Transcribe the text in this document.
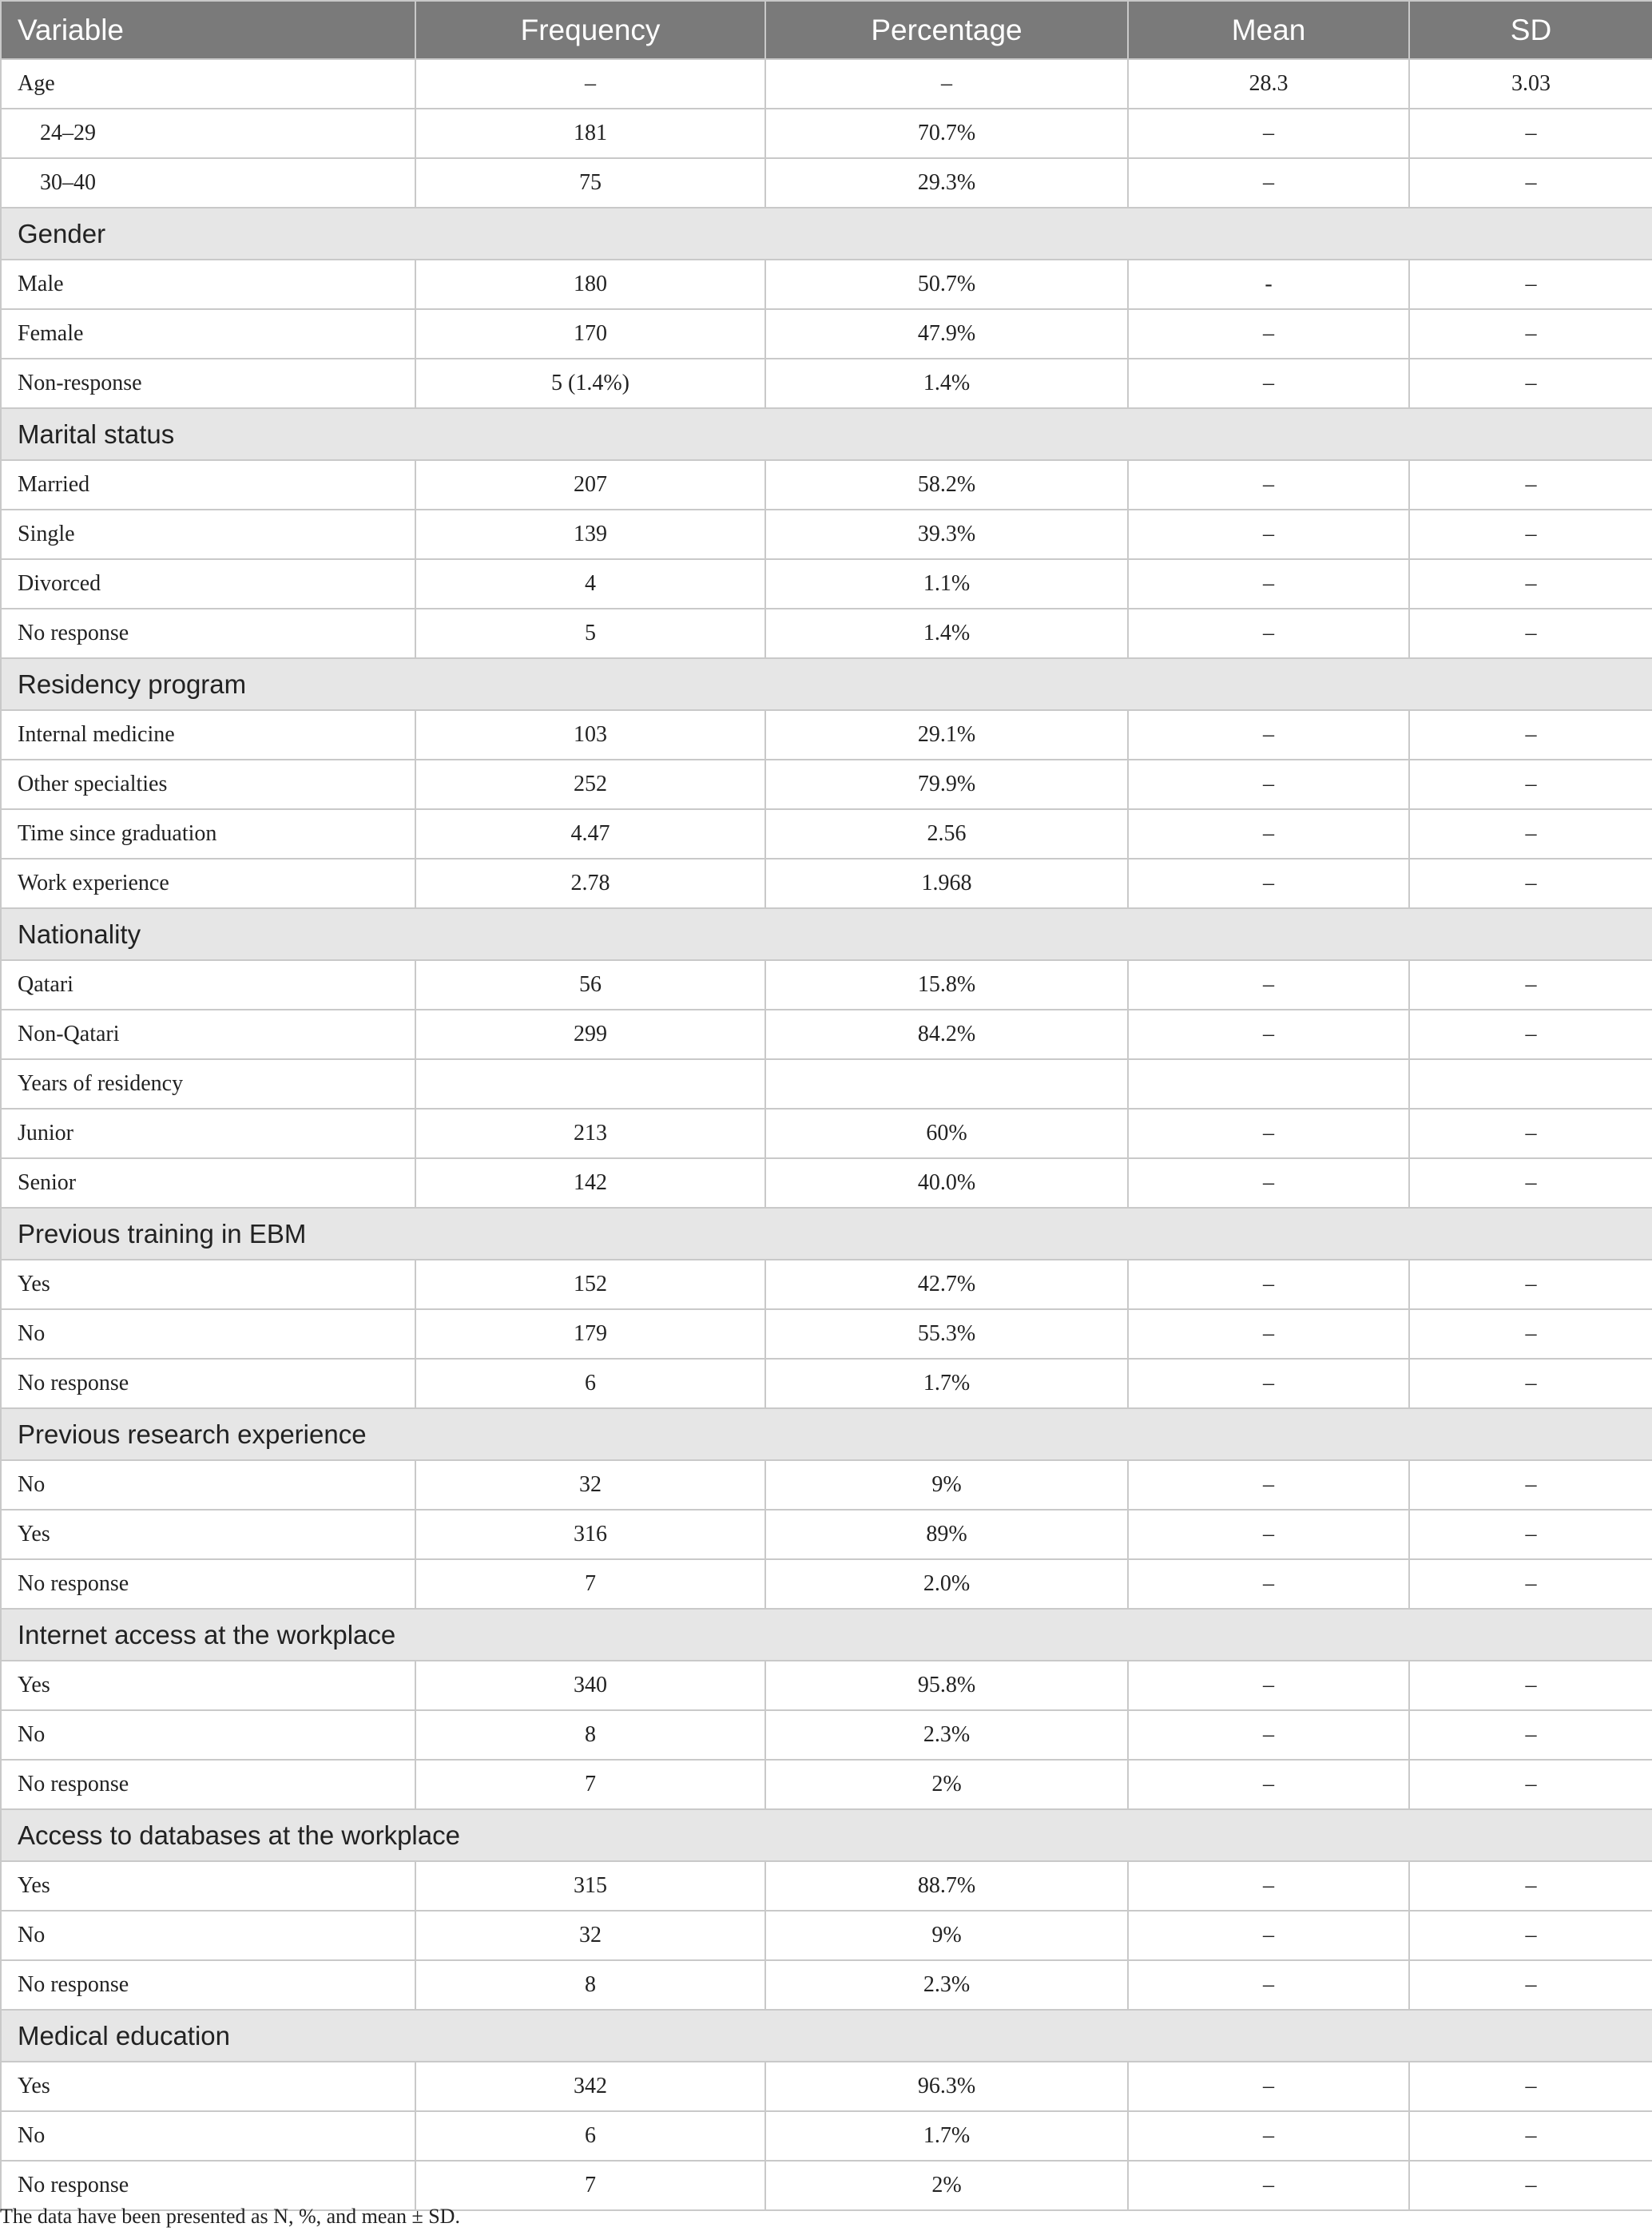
Variable	Frequency	Percentage	Mean	SD
Age	–	–	28.3	3.03
24–29	181	70.7%	–	–
30–40	75	29.3%	–	–
Gender				
Male	180	50.7%	-	–
Female	170	47.9%	–	–
Non-response	5 (1.4%)	1.4%	–	–
Marital status				
Married	207	58.2%	–	–
Single	139	39.3%	–	–
Divorced	4	1.1%	–	–
No response	5	1.4%	–	–
Residency program				
Internal medicine	103	29.1%	–	–
Other specialties	252	79.9%	–	–
Time since graduation	4.47	2.56	–	–
Work experience	2.78	1.968	–	–
Nationality				
Qatari	56	15.8%	–	–
Non-Qatari	299	84.2%	–	–
Years of residency				
Junior	213	60%	–	–
Senior	142	40.0%	–	–
Previous training in EBM				
Yes	152	42.7%	–	–
No	179	55.3%	–	–
No response	6	1.7%	–	–
Previous research experience				
No	32	9%	–	–
Yes	316	89%	–	–
No response	7	2.0%	–	–
Internet access at the workplace				
Yes	340	95.8%	–	–
No	8	2.3%	–	–
No response	7	2%	–	–
Access to databases at the workplace				
Yes	315	88.7%	–	–
No	32	9%	–	–
No response	8	2.3%	–	–
Medical education				
Yes	342	96.3%	–	–
No	6	1.7%	–	–
No response	7	2%	–	–
The data have been presented as N, %, and mean ± SD.
